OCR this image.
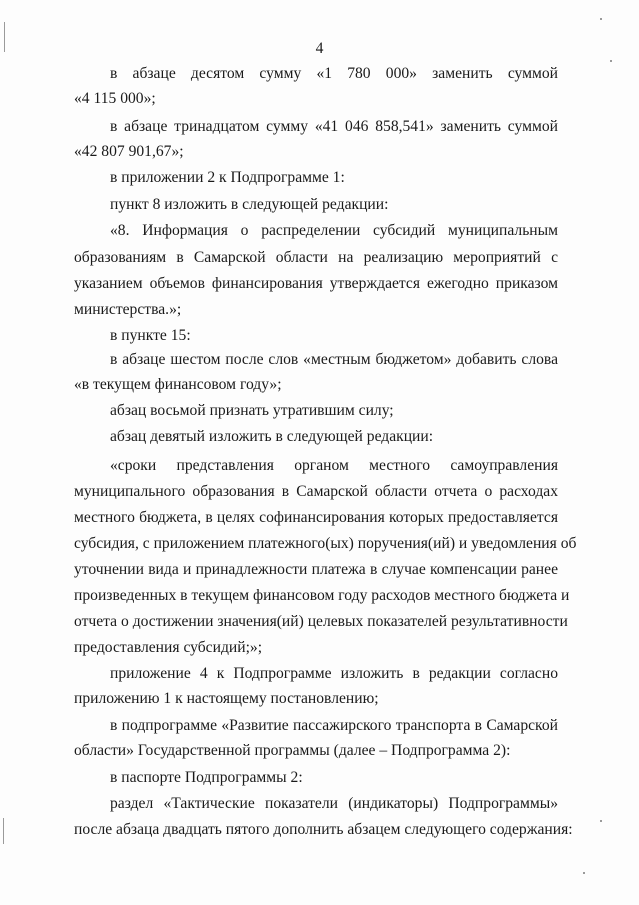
4
в абзаце десятом сумму «1 780 000» заменить суммой
«4 115 000»;
в абзаце тринадцатом сумму «41 046 858,541» заменить суммой
«42 807 901,67»;
в приложении 2 к Подпрограмме 1:
пункт 8 изложить в следующей редакции:
«8. Информация о распределении субсидий муниципальным
образованиям в Самарской области на реализацию мероприятий с
указанием объемов финансирования утверждается ежегодно приказом
министерства.»;
в пункте 15:
в абзаце шестом после слов «местным бюджетом» добавить слова
«в текущем финансовом году»;
абзац восьмой признать утратившим силу;
абзац девятый изложить в следующей редакции:
«сроки представления органом местного самоуправления
муниципального образования в Самарской области отчета о расходах
местного бюджета, в целях софинансирования которых предоставляется
субсидия, с приложением платежного(ых) поручения(ий) и уведомления об
уточнении вида и принадлежности платежа в случае компенсации ранее
произведенных в текущем финансовом году расходов местного бюджета и
отчета о достижении значения(ий) целевых показателей результативности
предоставления субсидий;»;
приложение 4 к Подпрограмме изложить в редакции согласно
приложению 1 к настоящему постановлению;
в подпрограмме «Развитие пассажирского транспорта в Самарской
области» Государственной программы (далее – Подпрограмма 2):
в паспорте Подпрограммы 2:
раздел «Тактические показатели (индикаторы) Подпрограммы»
после абзаца двадцать пятого дополнить абзацем следующего содержания:
